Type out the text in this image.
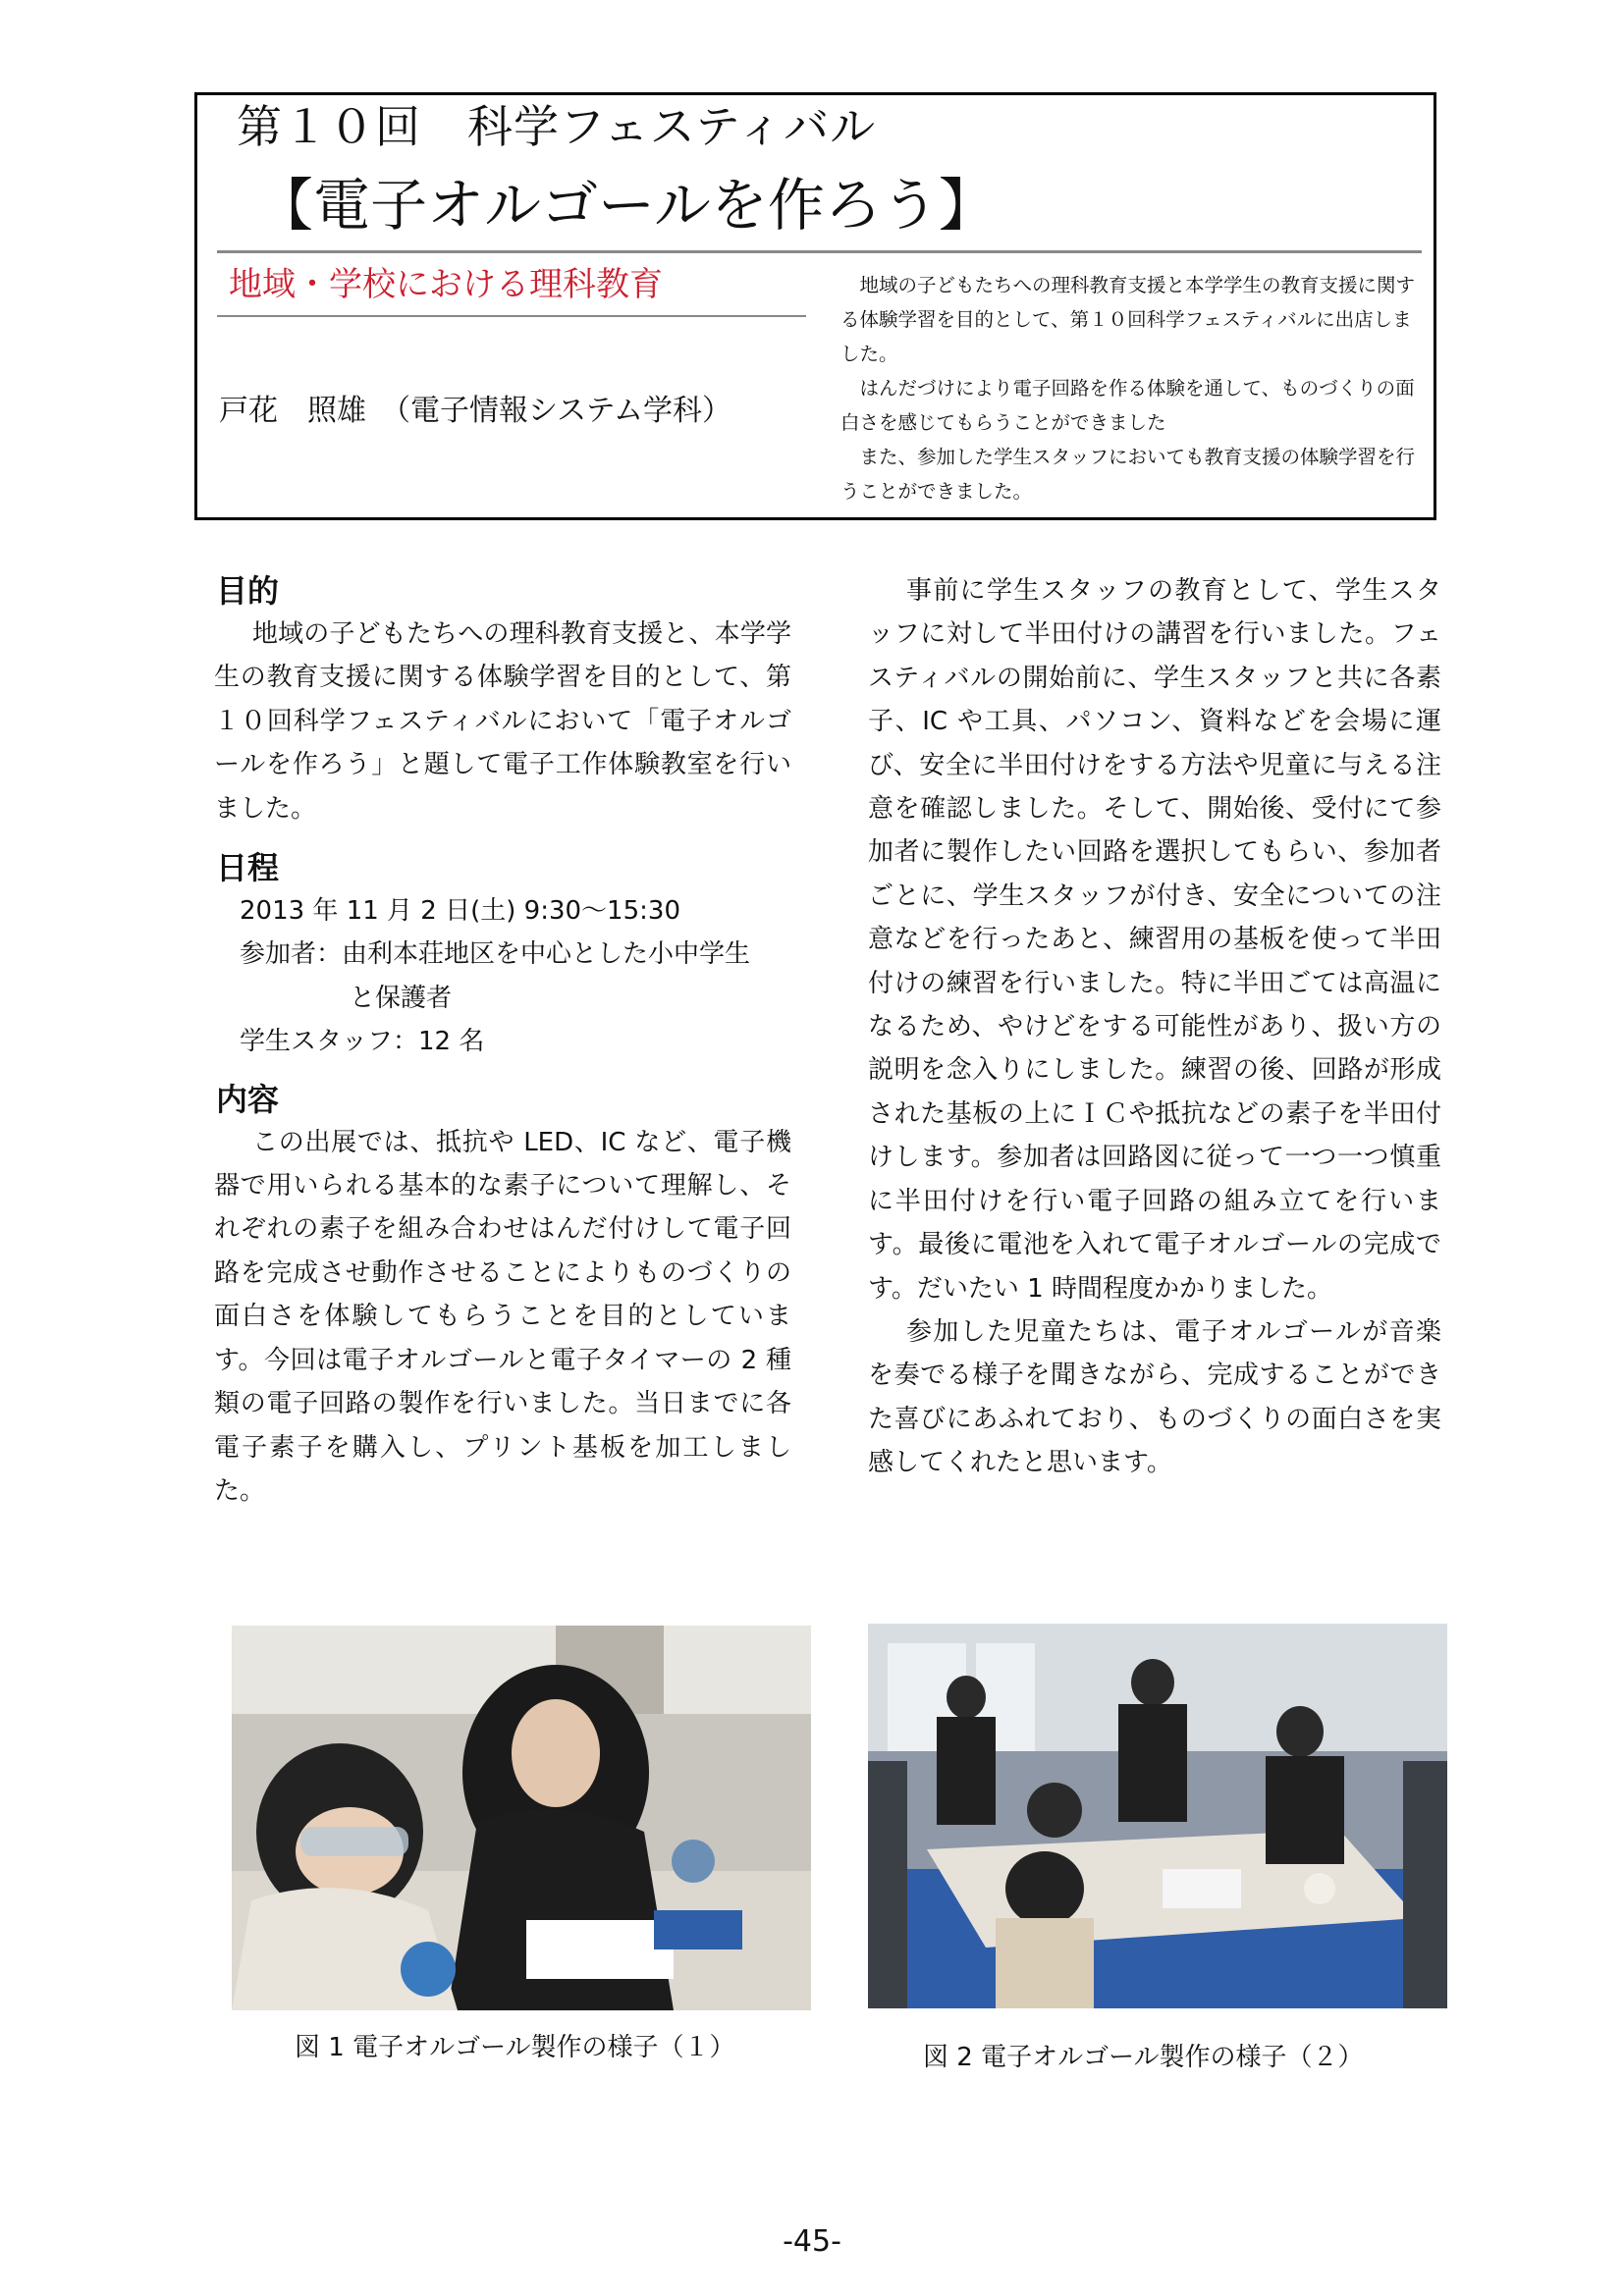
第１０回　科学フェスティバル
【電子オルゴールを作ろう】
地域・学校における理科教育
戸花　照雄　（電子情報システム学科）

地域の子どもたちへの理科教育支援と本学学生の教育支援に関する体験学習を目的として、第１０回科学フェスティバルに出店しました。

はんだづけにより電子回路を作る体験を通して、ものづくりの面白さを感じてもらうことができました

また、参加した学生スタッフにおいても教育支援の体験学習を行うことができました。

目的

地域の子どもたちへの理科教育支援と、本学学生の教育支援に関する体験学習を目的として、第１０回科学フェスティバルにおいて「電子オルゴールを作ろう」と題して電子工作体験教室を行いました。

日程
2013 年 11 月 2 日(土) 9:30～15:30
参加者：由利本荘地区を中心とした小中学生
と保護者
学生スタッフ：12 名
内容

この出展では、抵抗や LED、IC など、電子機器で用いられる基本的な素子について理解し、それぞれの素子を組み合わせはんだ付けして電子回路を完成させ動作させることによりものづくりの面白さを体験してもらうことを目的としています。今回は電子オルゴールと電子タイマーの 2 種類の電子回路の製作を行いました。当日までに各電子素子を購入し、プリント基板を加工しました。

事前に学生スタッフの教育として、学生スタッフに対して半田付けの講習を行いました。フェスティバルの開始前に、学生スタッフと共に各素子、IC や工具、パソコン、資料などを会場に運び、安全に半田付けをする方法や児童に与える注意を確認しました。そして、開始後、受付にて参加者に製作したい回路を選択してもらい、参加者ごとに、学生スタッフが付き、安全についての注意などを行ったあと、練習用の基板を使って半田付けの練習を行いました。特に半田ごては高温になるため、やけどをする可能性があり、扱い方の説明を念入りにしました。練習の後、回路が形成された基板の上にＩＣや抵抗などの素子を半田付けします。参加者は回路図に従って一つ一つ慎重に半田付けを行い電子回路の組み立てを行います。最後に電池を入れて電子オルゴールの完成です。だいたい 1 時間程度かかりました。

参加した児童たちは、電子オルゴールが音楽を奏でる様子を聞きながら、完成することができた喜びにあふれており、ものづくりの面白さを実感してくれたと思います。

図 1 電子オルゴール製作の様子（１）	図 2 電子オルゴール製作の様子（２）
-45-
